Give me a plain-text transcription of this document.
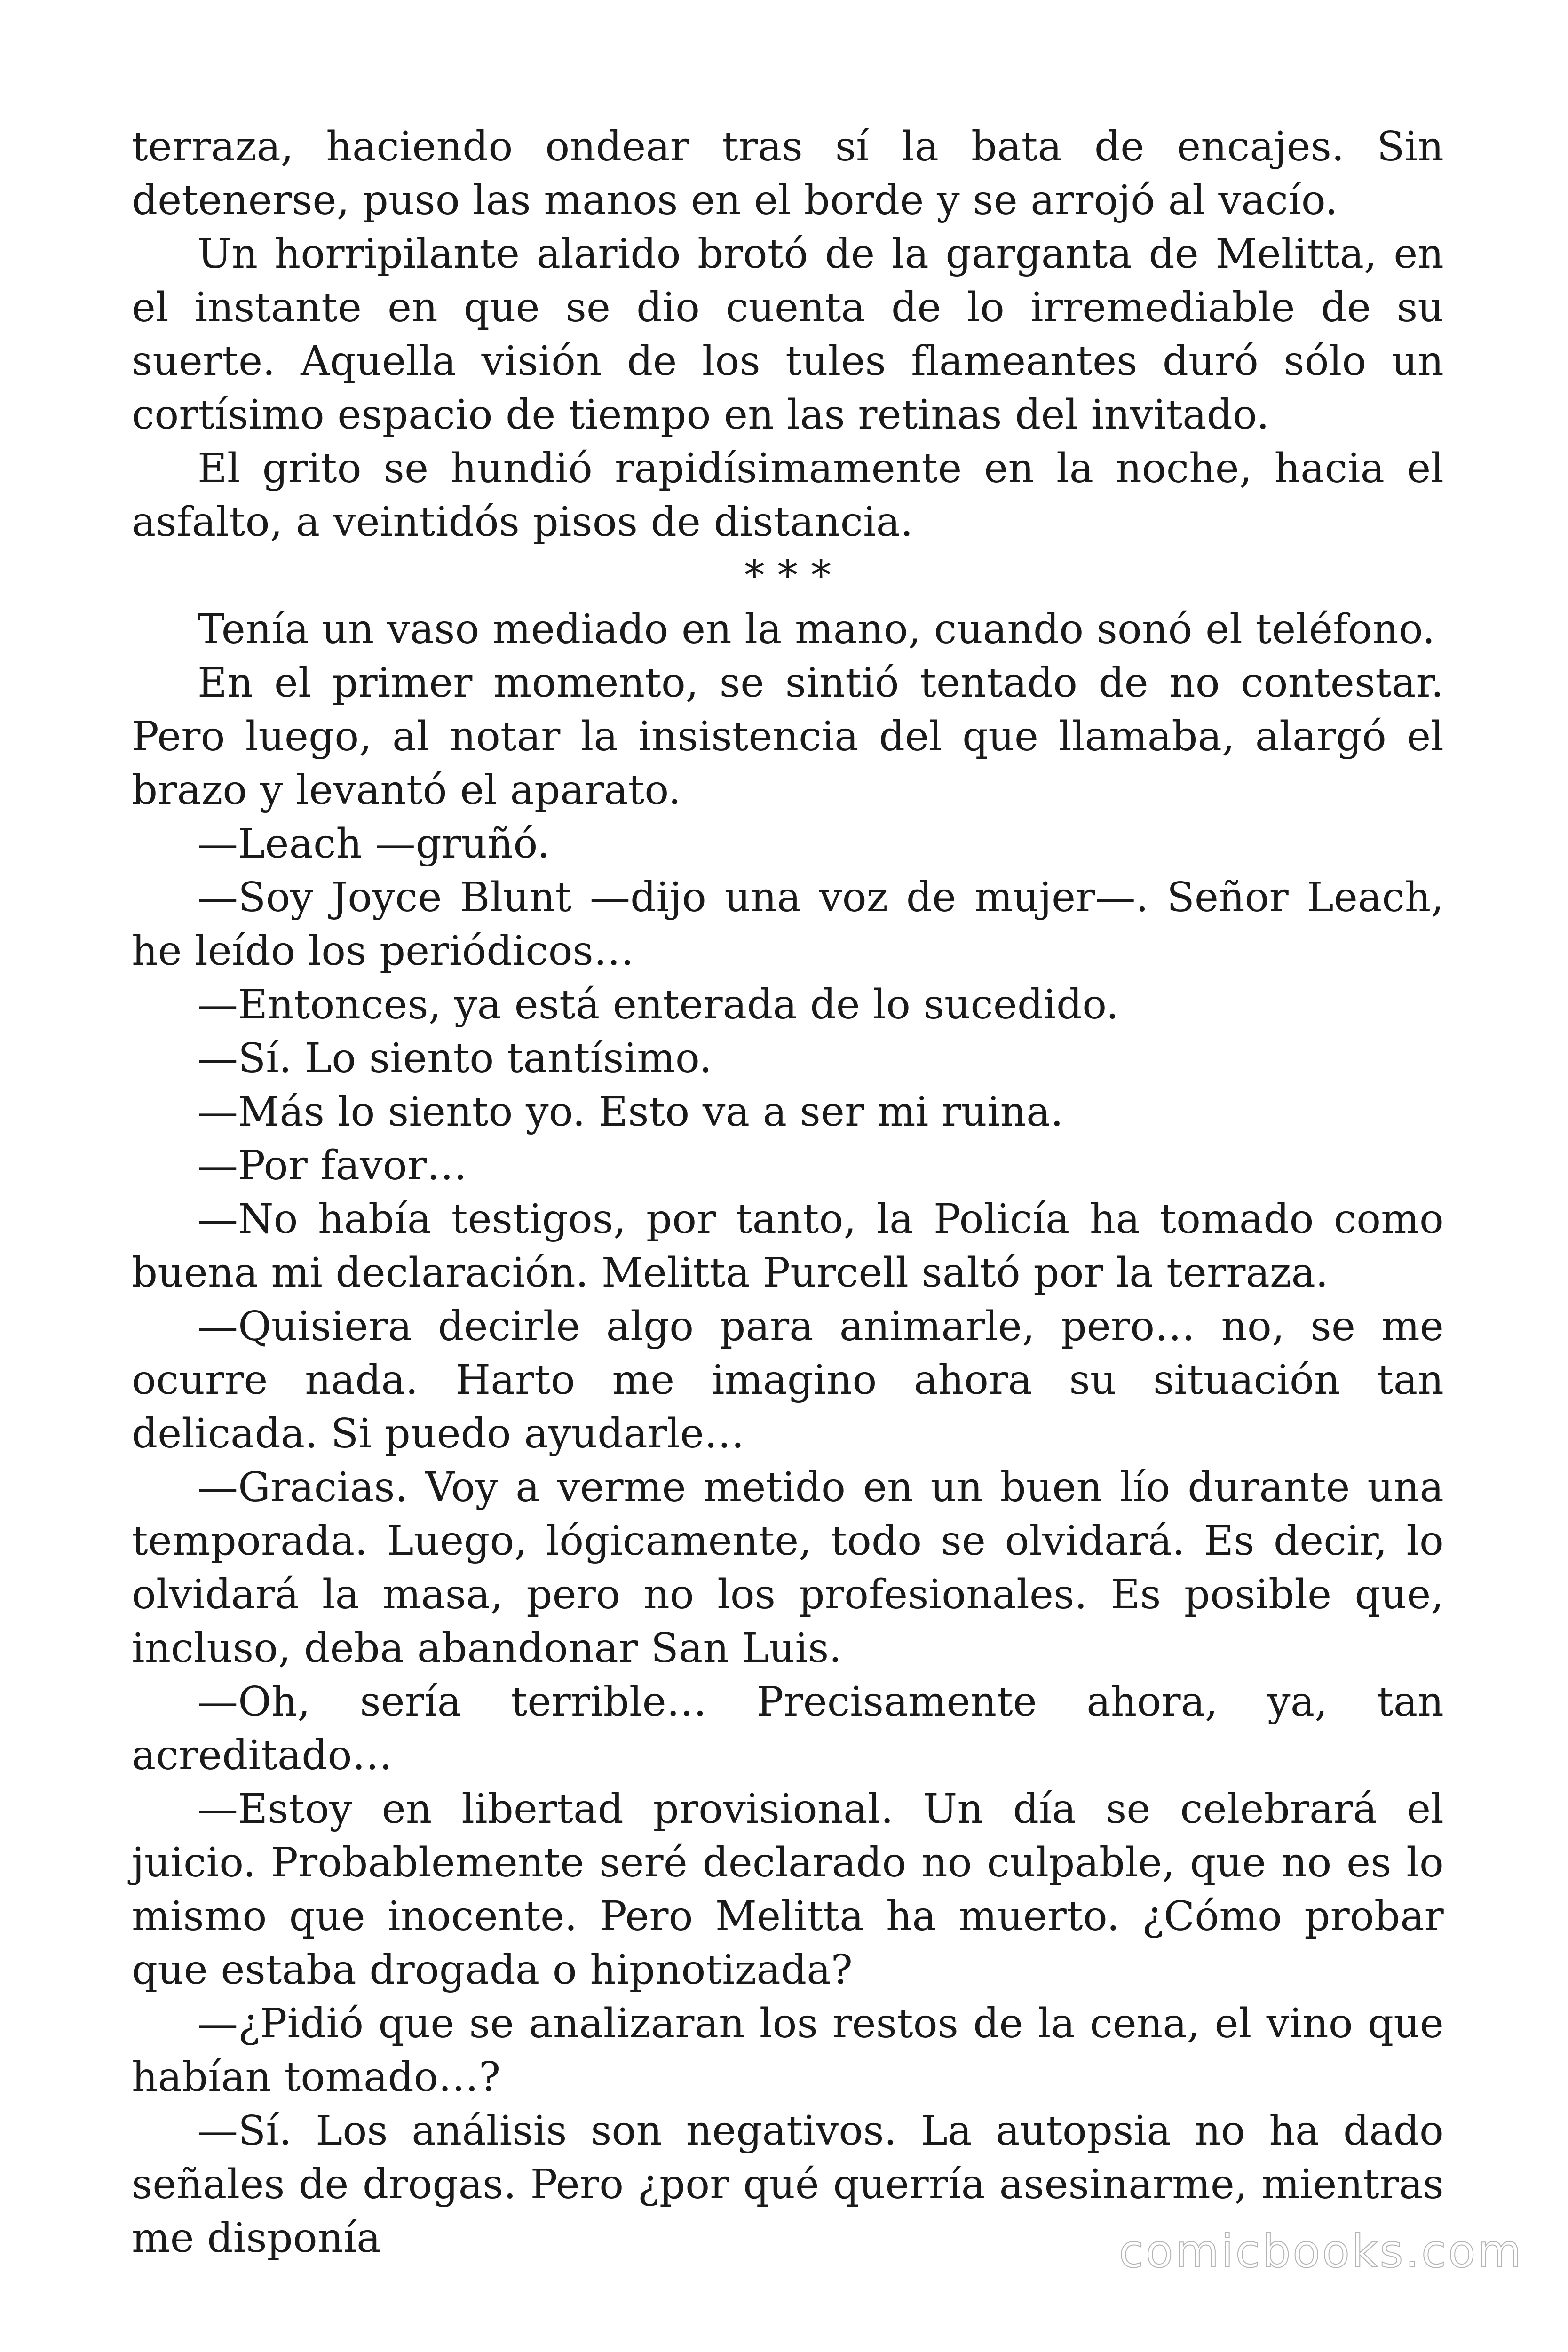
terraza, haciendo ondear tras sí la bata de encajes. Sin detenerse, puso las manos en el borde y se arrojó al vacío.

Un horripilante alarido brotó de la garganta de Melitta, en el instante en que se dio cuenta de lo irremediable de su suerte. Aquella visión de los tules flameantes duró sólo un cortísimo espacio de tiempo en las retinas del invitado.

El grito se hundió rapidísimamente en la noche, hacia el asfalto, a veintidós pisos de distancia.

* * *

Tenía un vaso mediado en la mano, cuando sonó el teléfono.

En el primer momento, se sintió tentado de no contestar. Pero luego, al notar la insistencia del que llamaba, alargó el brazo y levantó el aparato.

—Leach —gruñó.

—Soy Joyce Blunt —dijo una voz de mujer—. Señor Leach, he leído los periódicos…

—Entonces, ya está enterada de lo sucedido.

—Sí. Lo siento tantísimo.

—Más lo siento yo. Esto va a ser mi ruina.

—Por favor…

—No había testigos, por tanto, la Policía ha tomado como buena mi declaración. Melitta Purcell saltó por la terraza.

—Quisiera decirle algo para animarle, pero… no, se me ocurre nada. Harto me imagino ahora su situación tan delicada. Si puedo ayudarle…

—Gracias. Voy a verme metido en un buen lío durante una temporada. Luego, lógicamente, todo se olvidará. Es decir, lo olvidará la masa, pero no los profesionales. Es posible que, incluso, deba abandonar San Luis.

—Oh, sería terrible… Precisamente ahora, ya, tan acreditado…

—Estoy en libertad provisional. Un día se celebrará el juicio. Probablemente seré declarado no culpable, que no es lo mismo que inocente. Pero Melitta ha muerto. ¿Cómo probar que estaba drogada o hipnotizada?

—¿Pidió que se analizaran los restos de la cena, el vino que habían tomado…?

—Sí. Los análisis son negativos. La autopsia no ha dado señales de drogas. Pero ¿por qué querría asesinarme, mientras me disponía	comicbooks.com
